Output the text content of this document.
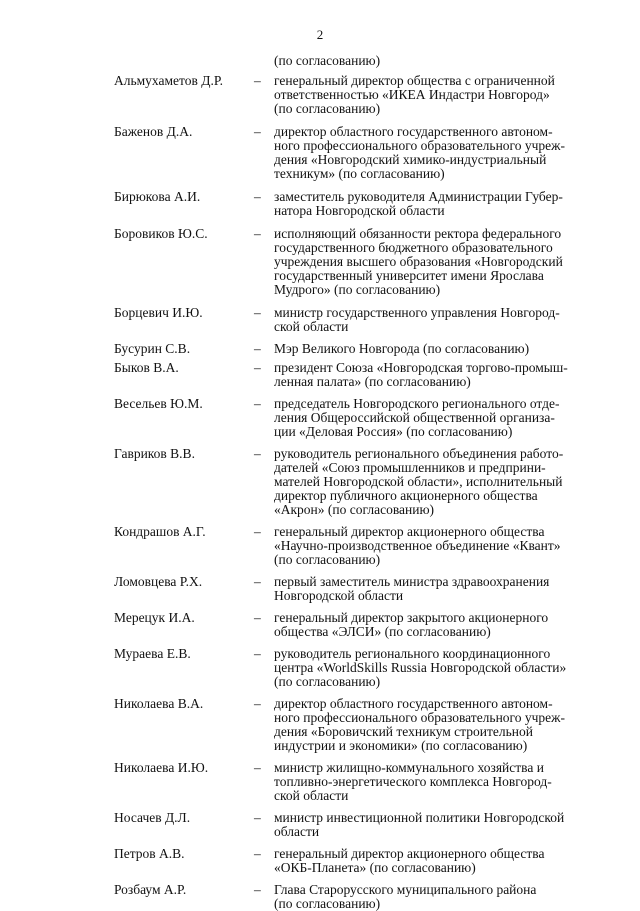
2
(по согласованию)
Альмухаметов Д.Р. – генеральный директор общества с ограниченной
ответственностью «ИКЕА Индастри Новгород»
(по согласованию)
Баженов Д.А.	– директор областного государственного автоном-
ного профессионального образовательного учреж-
дения «Новгородский химико-индустриальный
техникум» (по согласованию)
Бирюкова А.И.	– заместитель руководителя Администрации Губер-
натора Новгородской области
Боровиков Ю.С.	– исполняющий обязанности ректора федерального
государственного бюджетного образовательного
учреждения высшего образования «Новгородский
государственный университет имени Ярослава
Мудрого» (по согласованию)
Борцевич И.Ю.	– министр государственного управления Новгород-
ской области
Бусурин С.В.	– Мэр Великого Новгорода (по согласованию)
Быков В.А.	– президент Союза «Новгородская торгово-промыш-
ленная палата» (по согласованию)
Весельев Ю.М.	– председатель Новгородского регионального отде-
ления Общероссийской общественной организа-
ции «Деловая Россия» (по согласованию)
Гавриков В.В.	– руководитель регионального объединения работо-
дателей «Союз промышленников и предприни-
мателей Новгородской области», исполнительный
директор публичного акционерного общества
«Акрон» (по согласованию)
Кондрашов А.Г.	– генеральный директор акционерного общества
«Научно-производственное объединение «Квант»
(по согласованию)
Ломовцева Р.Х.	– первый заместитель министра здравоохранения
Новгородской области
Мерецук И.А.	– генеральный директор закрытого акционерного
общества «ЭЛСИ» (по согласованию)
Мураева Е.В.	– руководитель регионального координационного
центра «WorldSkills Russia Новгородской области»
(по согласованию)
Николаева В.А.	– директор областного государственного автоном-
ного профессионального образовательного учреж-
дения «Боровичский техникум строительной
индустрии и экономики» (по согласованию)
Николаева И.Ю.	– министр жилищно-коммунального хозяйства и
топливно-энергетического комплекса Новгород-
ской области
Носачев Д.Л.	– министр инвестиционной политики Новгородской
области
Петров А.В.	– генеральный директор акционерного общества
«ОКБ-Планета» (по согласованию)
Розбаум А.Р.	– Глава Старорусского муниципального района
(по согласованию)
